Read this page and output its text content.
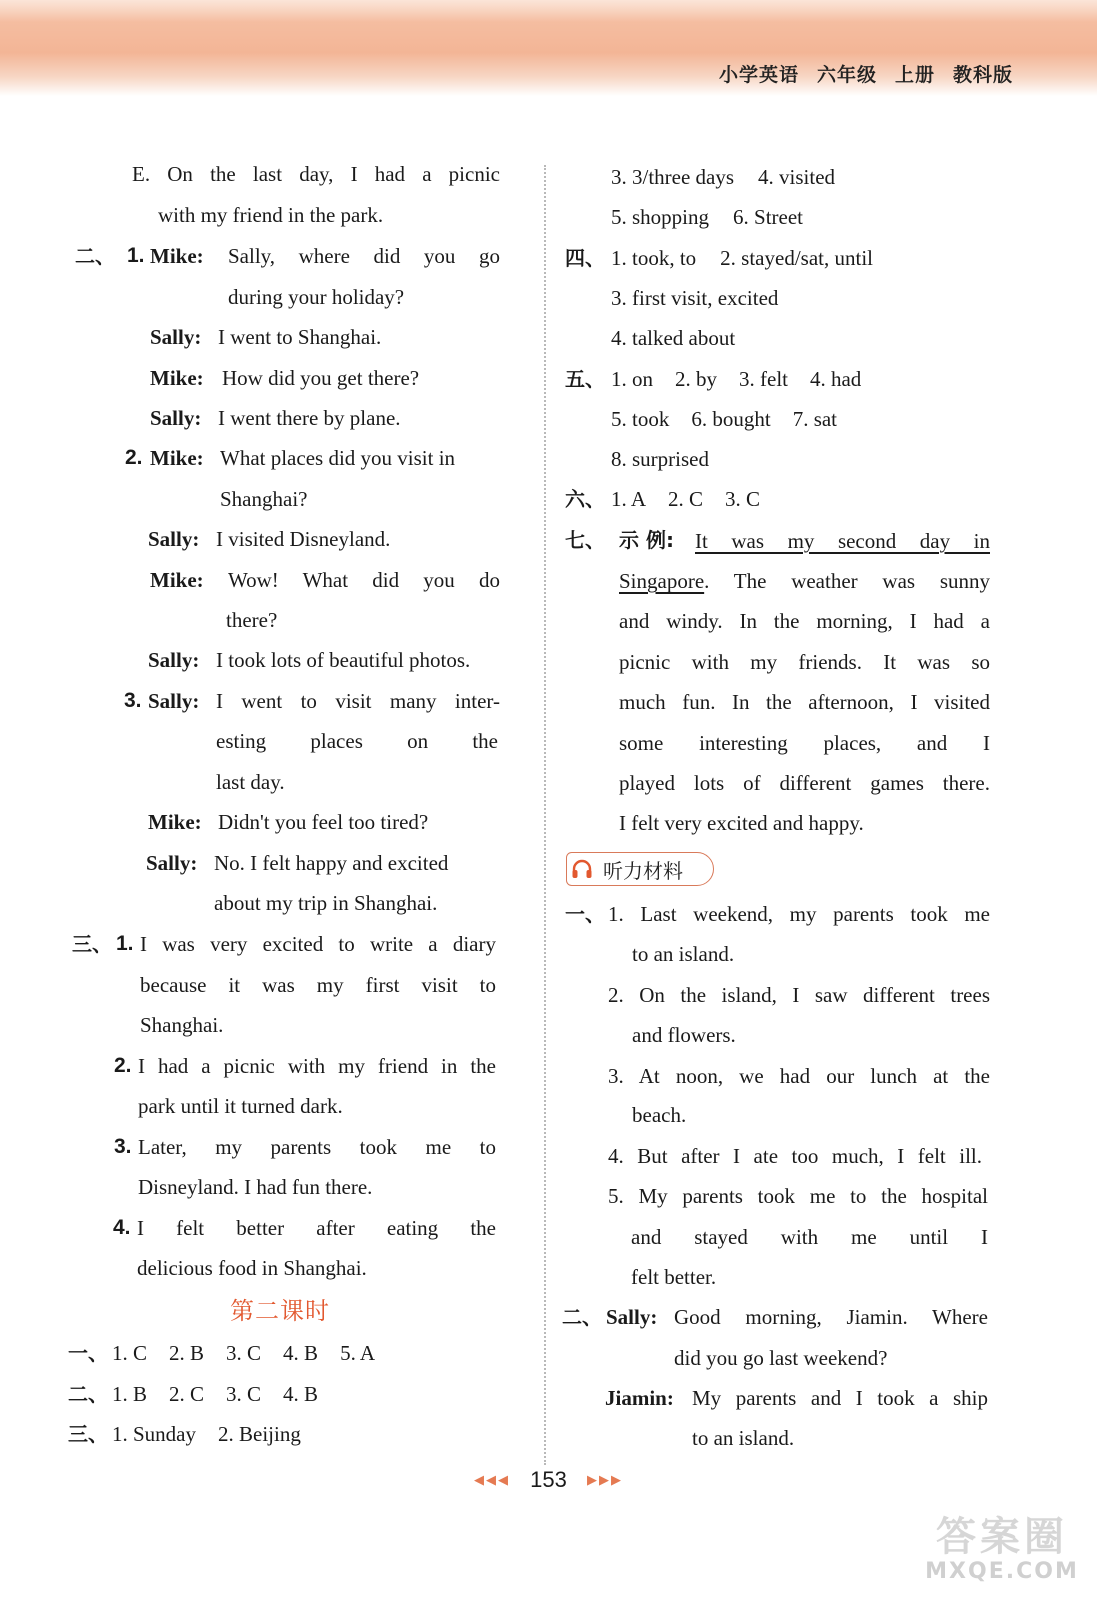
小学英语 六年级 上册 教科版
E. On the last day, I had a picnic
with my friend in the park.
二、 1. Mike: Sally, where did you go
during your holiday?
Sally: I went to Shanghai.
Mike: How did you get there?
Sally: I went there by plane.
2. Mike: What places did you visit in
Shanghai?
Sally: I visited Disneyland.
Mike: Wow! What did you do
there?
Sally: I took lots of beautiful photos.
3. Sally: I went to visit many inter-
esting places on the
last day.
Mike: Didn't you feel too tired?
Sally: No. I felt happy and excited
about my trip in Shanghai.
三、 1. I was very excited to write a diary
because it was my first visit to
Shanghai.
2. I had a picnic with my friend in the
park until it turned dark.
3. Later, my parents took me to
Disneyland. I had fun there.
4. I felt better after eating the
delicious food in Shanghai.
第二课时
一、 1. C 2. B 3. C 4. B 5. A
二、 1. B 2. C 3. C 4. B
三、 1. Sunday 2. Beijing
3. 3/three days 4. visited
5. shopping 6. Street
四、 1. took, to 2. stayed/sat, until
3. first visit, excited
4. talked about
五、 1. on 2. by 3. felt 4. had
5. took 6. bought 7. sat
8. surprised
六、 1. A 2. C 3. C
七、 示 例: It was my second day in
Singapore. The weather was sunny
and windy. In the morning, I had a
picnic with my friends. It was so
much fun. In the afternoon, I visited
some interesting places, and I
played lots of different games there.
I felt very excited and happy.
听力材料
一、 1. Last weekend, my parents took me
to an island.
2. On the island, I saw different trees
and flowers.
3. At noon, we had our lunch at the
beach.
4. But after I ate too much, I felt ill.
5. My parents took me to the hospital
and stayed with me until I
felt better.
二、 Sally: Good morning, Jiamin. Where
did you go last weekend?
Jiamin: My parents and I took a ship
to an island.
◀◀◀ 153 ▶▶▶
答案圈
MXQE.COM
